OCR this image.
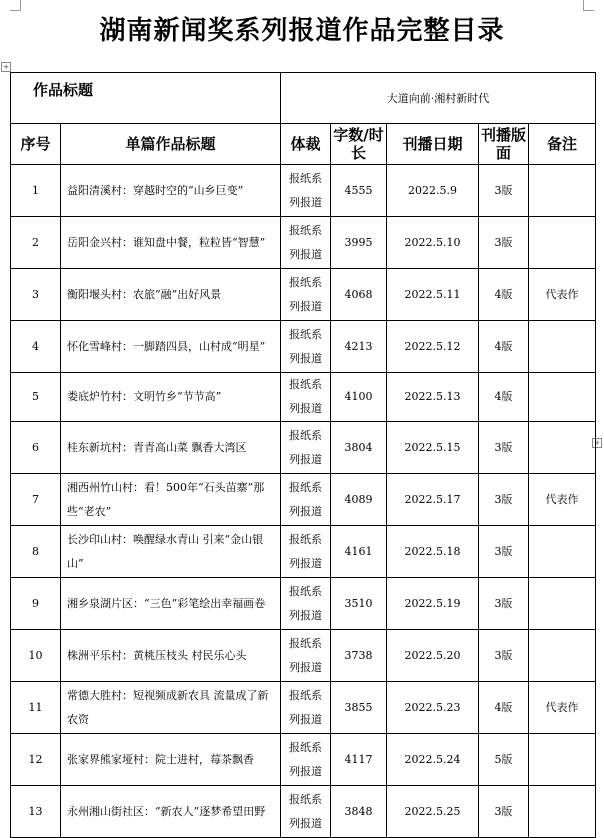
+
+
湖南新闻奖系列报道作品完整目录
作品标题		大道向前·湘村新时代				
序号	单篇作品标题	体裁	字数/时长	刊播日期	刊播版面	备注
1	益阳清溪村：穿越时空的“山乡巨变”	报纸系列报道	4555	2022.5.9	3版	
2	岳阳金兴村：谁知盘中餐，粒粒皆“智慧”	报纸系列报道	3995	2022.5.10	3版	
3	衡阳堰头村：农旅“融”出好风景	报纸系列报道	4068	2022.5.11	4版	代表作
4	怀化雪峰村：一脚踏四县，山村成“明星”	报纸系列报道	4213	2022.5.12	4版	
5	娄底炉竹村：文明竹乡“节节高”	报纸系列报道	4100	2022.5.13	4版	
6	桂东新坑村：青青高山菜 飘香大湾区	报纸系列报道	3804	2022.5.15	3版	
7	湘西州竹山村：看！500年“石头苗寨”那些“老农”	报纸系列报道	4089	2022.5.17	3版	代表作
8	长沙印山村：唤醒绿水青山 引来“金山银山”	报纸系列报道	4161	2022.5.18	3版	
9	湘乡泉湖片区：“三色”彩笔绘出幸福画卷	报纸系列报道	3510	2022.5.19	3版	
10	株洲平乐村：黄桃压枝头 村民乐心头	报纸系列报道	3738	2022.5.20	3版	
11	常德大胜村：短视频成新农具 流量成了新农资	报纸系列报道	3855	2022.5.23	4版	代表作
12	张家界熊家垭村：院士进村，莓茶飘香	报纸系列报道	4117	2022.5.24	5版	
13	永州湘山街社区：“新农人”逐梦希望田野	报纸系列报道	3848	2022.5.25	3版	
